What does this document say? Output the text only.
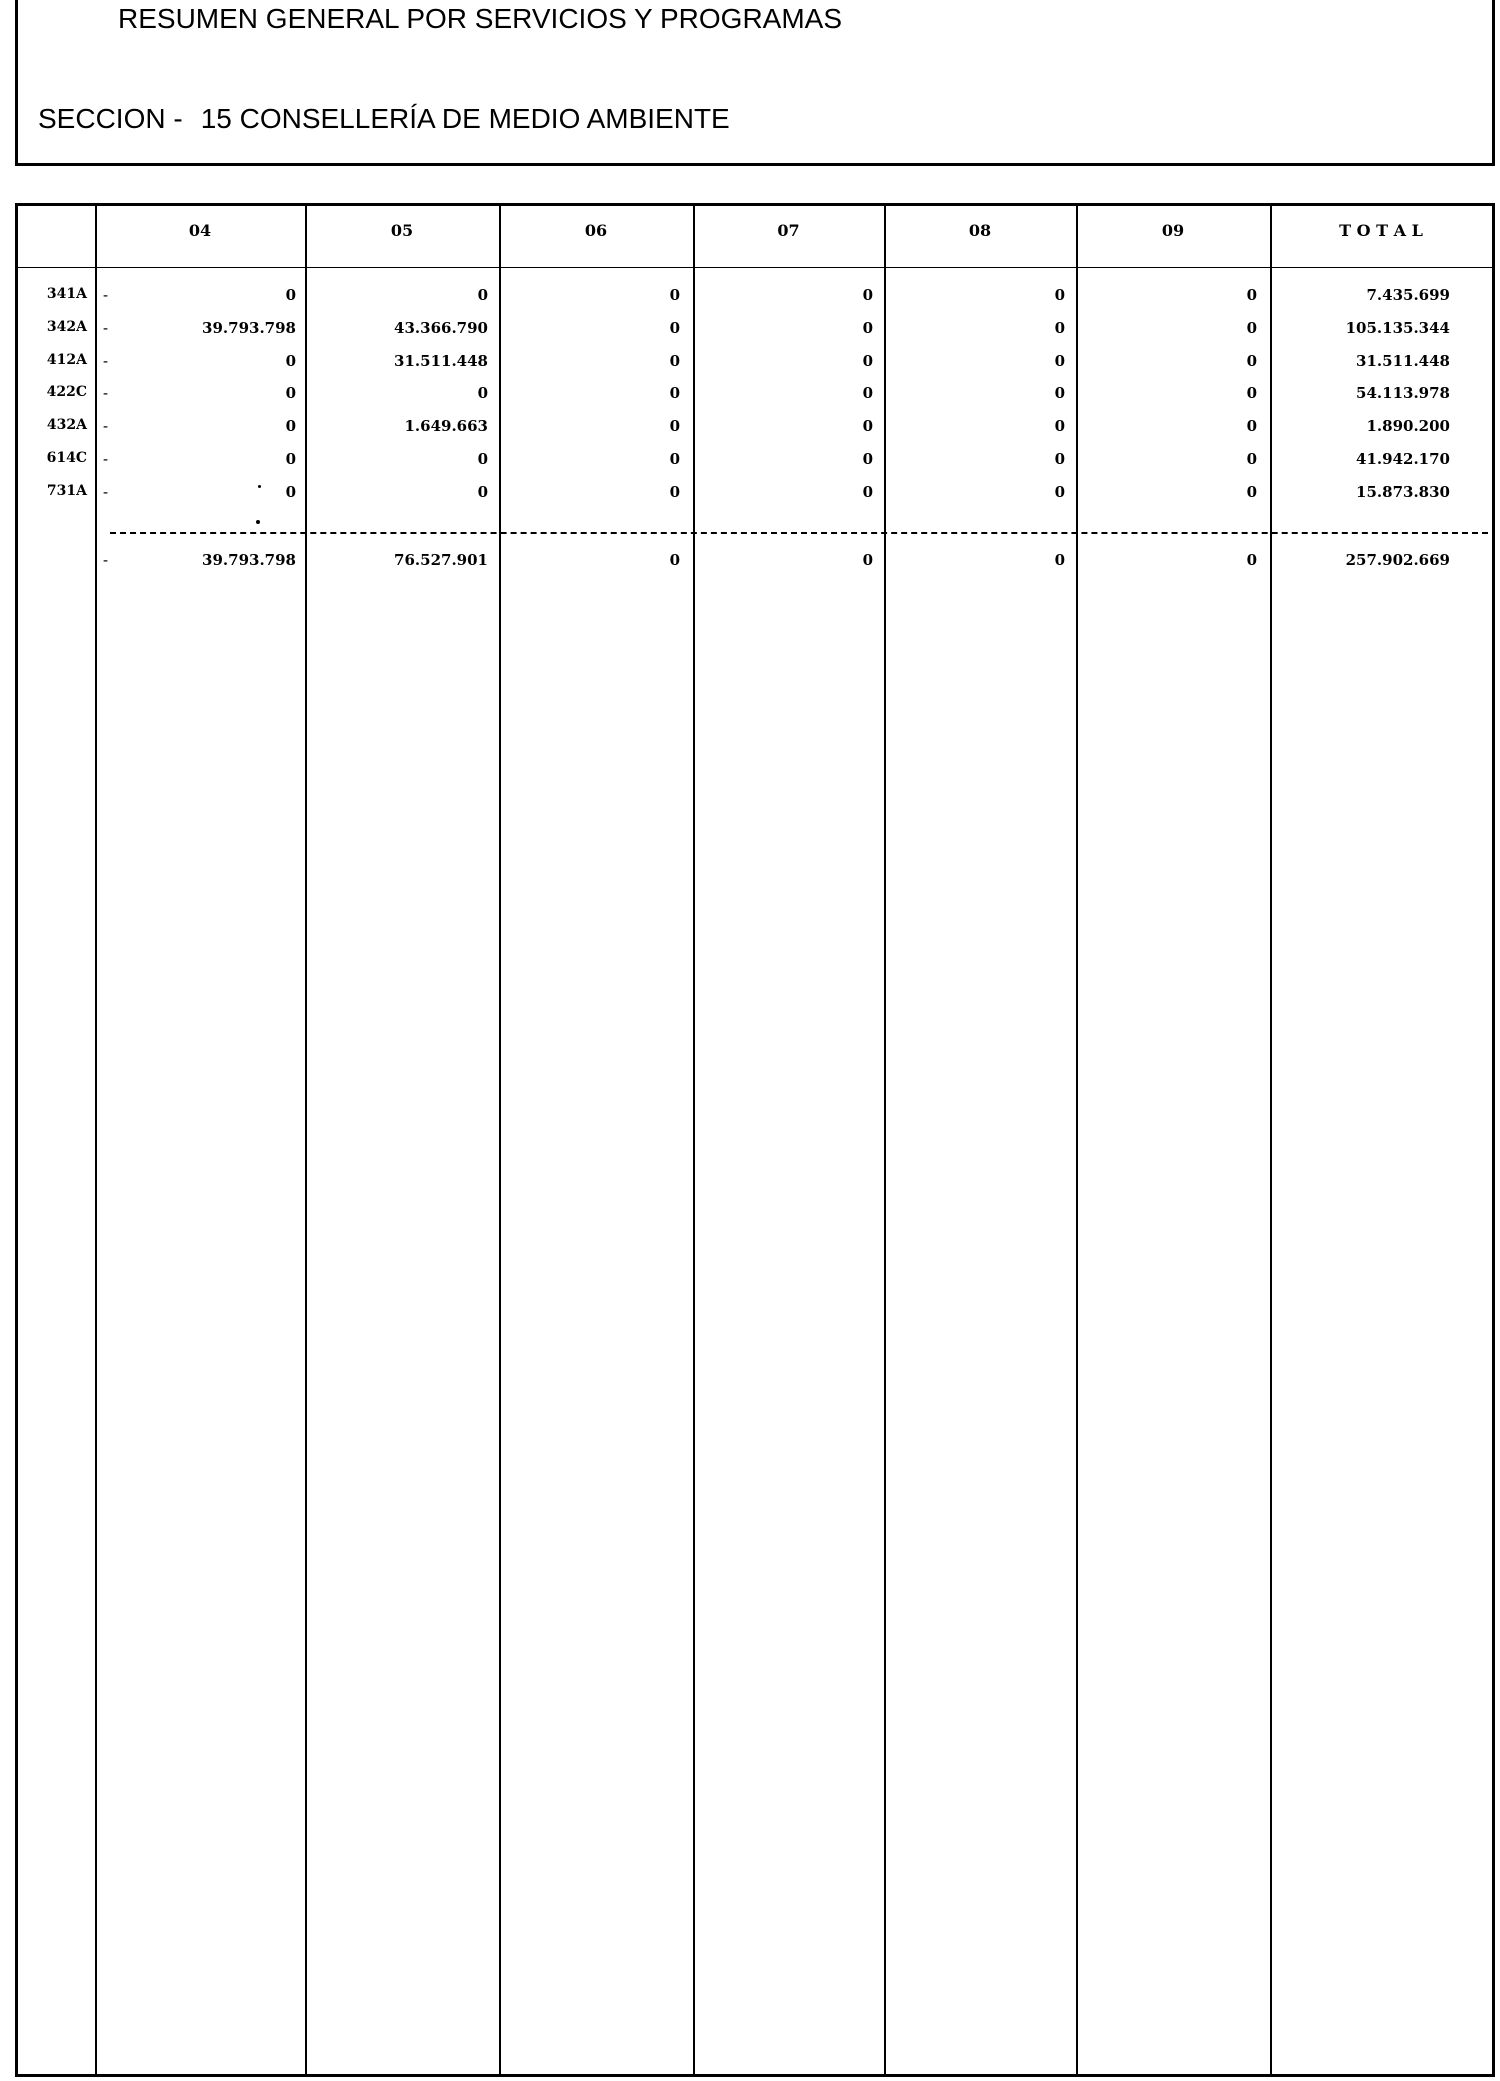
RESUMEN GENERAL POR SERVICIOS Y PROGRAMAS
SECCION - 15 CONSELLERÍA DE MEDIO AMBIENTE
04	05	06	07	08	09	T O T A L
341A -	0	0	0	0	0	0	7.435.699
342A -	39.793.798	43.366.790	0	0	0	0	105.135.344
412A -	0	31.511.448	0	0	0	0	31.511.448
422C -	0	0	0	0	0	0	54.113.978
432A -	0	1.649.663	0	0	0	0	1.890.200
614C -	0	0	0	0	0	0	41.942.170
731A -	0	0	0	0	0	0	15.873.830
-	39.793.798	76.527.901	0	0	0	0	257.902.669
